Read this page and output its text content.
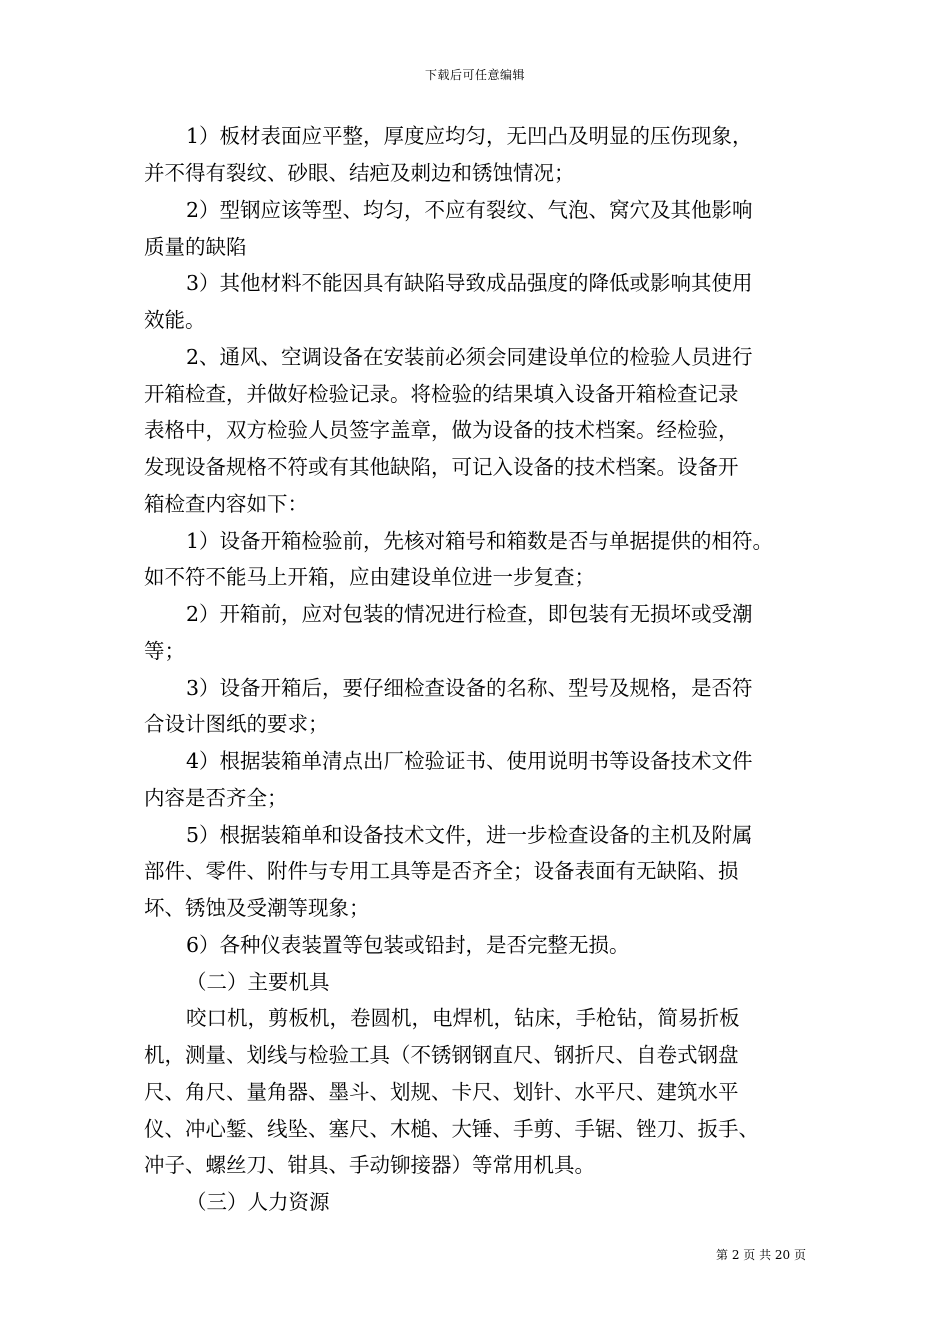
下载后可任意编辑
1）板材表面应平整，厚度应均匀，无凹凸及明显的压伤现象，
并不得有裂纹、砂眼、结疤及刺边和锈蚀情况；
2）型钢应该等型、均匀，不应有裂纹、气泡、窝穴及其他影响
质量的缺陷
3）其他材料不能因具有缺陷导致成品强度的降低或影响其使用
效能。
2、通风、空调设备在安装前必须会同建设单位的检验人员进行
开箱检查，并做好检验记录。将检验的结果填入设备开箱检查记录
表格中，双方检验人员签字盖章，做为设备的技术档案。经检验，
发现设备规格不符或有其他缺陷，可记入设备的技术档案。设备开
箱检查内容如下：
1）设备开箱检验前，先核对箱号和箱数是否与单据提供的相符。
如不符不能马上开箱，应由建设单位进一步复查；
2）开箱前，应对包装的情况进行检查，即包装有无损坏或受潮
等；
3）设备开箱后，要仔细检查设备的名称、型号及规格，是否符
合设计图纸的要求；
4）根据装箱单清点出厂检验证书、使用说明书等设备技术文件
内容是否齐全；
5）根据装箱单和设备技术文件，进一步检查设备的主机及附属
部件、零件、附件与专用工具等是否齐全；设备表面有无缺陷、损
坏、锈蚀及受潮等现象；
6）各种仪表装置等包装或铅封，是否完整无损。
（二）主要机具
咬口机，剪板机，卷圆机，电焊机，钻床，手枪钻，简易折板
机，测量、划线与检验工具（不锈钢钢直尺、钢折尺、自卷式钢盘
尺、角尺、量角器、墨斗、划规、卡尺、划针、水平尺、建筑水平
仪、冲心錾、线坠、塞尺、木槌、大锤、手剪、手锯、锉刀、扳手、
冲子、螺丝刀、钳具、手动铆接器）等常用机具。
（三）人力资源
第 2 页 共 20 页
